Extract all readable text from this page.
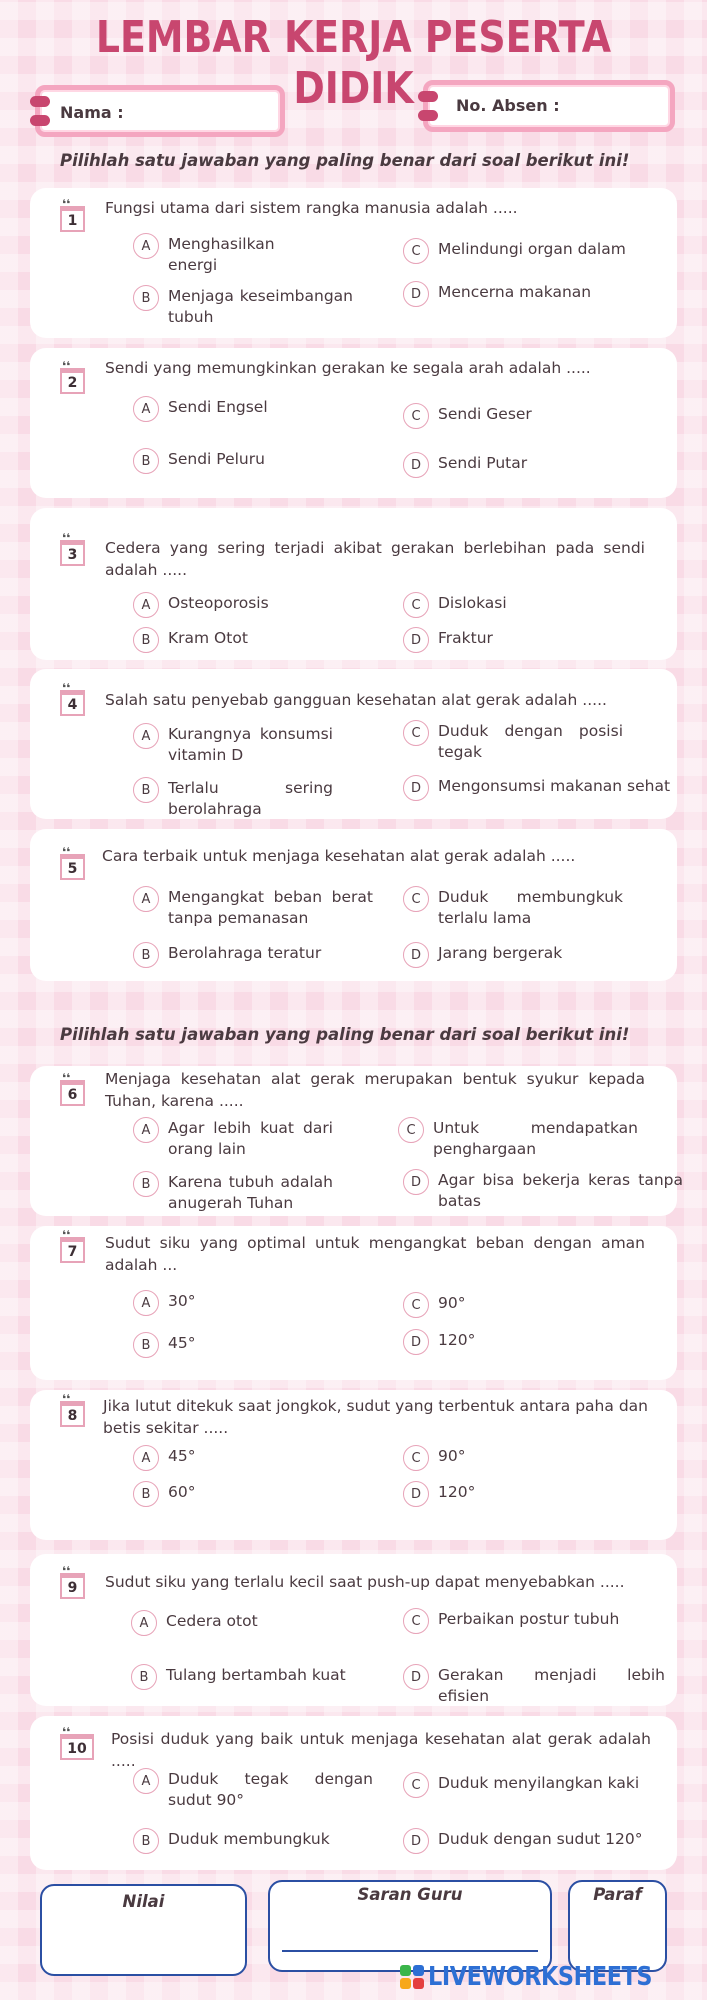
LEMBAR KERJA PESERTA DIDIK
Nama :	No. Absen :
Pilihlah satu jawaban yang paling benar dari soal berikut ini!
❛❛
1
Fungsi utama dari sistem rangka manusia adalah .....
A	Menghasilkan energi
B	Menjaga keseimbangan tubuh
C	Melindungi organ dalam
D	Mencerna makanan
❛❛
2
Sendi yang memungkinkan gerakan ke segala arah adalah .....
A	Sendi Engsel
B	Sendi Peluru
C	Sendi Geser
D	Sendi Putar
❛❛
3 Cedera yang sering terjadi akibat gerakan berlebihan pada sendi adalah .....
A	Osteoporosis
B	Kram Otot
C	Dislokasi
D	Fraktur
❛❛
4 Salah satu penyebab gangguan kesehatan alat gerak adalah .....
A	Kurangnya konsumsi vitamin D
B	Terlalu sering berolahraga
C	Duduk dengan posisi tegak
D	Mengonsumsi makanan sehat
❛❛
5
Cara terbaik untuk menjaga kesehatan alat gerak adalah .....
A	Mengangkat beban berat tanpa pemanasan
B	Berolahraga teratur
C	Duduk membungkuk terlalu lama
D	Jarang bergerak
Pilihlah satu jawaban yang paling benar dari soal berikut ini!
❛❛
6
Menjaga kesehatan alat gerak merupakan bentuk syukur kepada Tuhan, karena .....
A	Agar lebih kuat dari orang lain
B	Karena tubuh adalah anugerah Tuhan
C	Untuk mendapatkan penghargaan
D	Agar bisa bekerja keras tanpa batas
❛❛
7 Sudut siku yang optimal untuk mengangkat beban dengan aman adalah ...
A	30°
B	45°
C	90°
D	120°
❛❛
8
Jika lutut ditekuk saat jongkok, sudut yang terbentuk antara paha dan betis sekitar .....
A	45°
B	60°
C	90°
D	120°
❛❛
9 Sudut siku yang terlalu kecil saat push-up dapat menyebabkan .....
A	Cedera otot
B	Tulang bertambah kuat
C	Perbaikan postur tubuh
D	Gerakan menjadi lebih efisien
❛❛
10
Posisi duduk yang baik untuk menjaga kesehatan alat gerak adalah .....
A	Duduk tegak dengan sudut 90°
B	Duduk membungkuk
C	Duduk menyilangkan kaki
D	Duduk dengan sudut 120°
Nilai	Saran Guru	Paraf
LIVEWORKSHEETS
